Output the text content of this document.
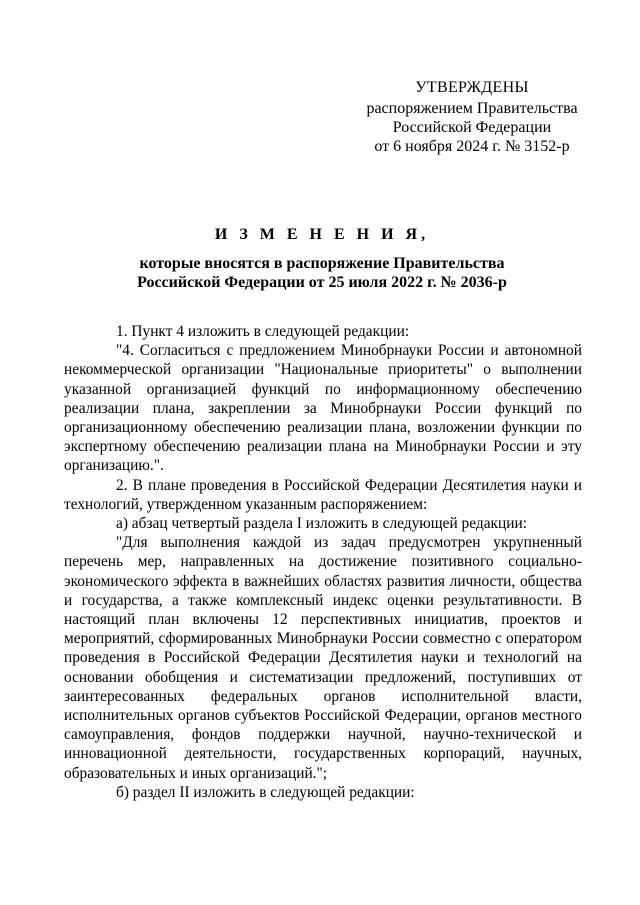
УТВЕРЖДЕНЫ
распоряжением Правительства
Российской Федерации
от 6 ноября 2024 г. № 3152-р
И З М Е Н Е Н И Я,
которые вносятся в распоряжение Правительства
Российской Федерации от 25 июля 2022 г. № 2036-р

1. Пункт 4 изложить в следующей редакции:

"4. Согласиться с предложением Минобрнауки России и автономной некоммерческой организации "Национальные приоритеты" о выполнении указанной организацией функций по информационному обеспечению реализации плана, закреплении за Минобрнауки России функций по организационному обеспечению реализации плана, возложении функции по экспертному обеспечению реализации плана на Минобрнауки России и эту организацию.".

2. В плане проведения в Российской Федерации Десятилетия науки и технологий, утвержденном указанным распоряжением:

а) абзац четвертый раздела I изложить в следующей редакции:

"Для выполнения каждой из задач предусмотрен укрупненный перечень мер, направленных на достижение позитивного социально-экономического эффекта в важнейших областях развития личности, общества и государства, а также комплексный индекс оценки результативности. В настоящий план включены 12 перспективных инициатив, проектов и мероприятий, сформированных Минобрнауки России совместно с оператором проведения в Российской Федерации Десятилетия науки и технологий на основании обобщения и систематизации предложений, поступивших от заинтересованных федеральных органов исполнительной власти, исполнительных органов субъектов Российской Федерации, органов местного самоуправления, фондов поддержки научной, научно-технической и инновационной деятельности, государственных корпораций, научных, образовательных и иных организаций.";

б) раздел II изложить в следующей редакции:
